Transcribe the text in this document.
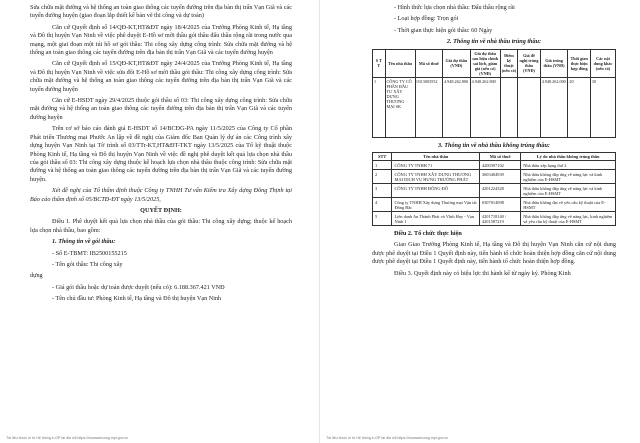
Sửa chữa mặt đường và hệ thống an toàn giao thông các tuyến đường trên địa bàn thị trấn Vạn Giã và các tuyến đường huyện (giao đoạn lắp thiết kế bản vẽ thi công và dự toán)

Căn cứ Quyết định số 14/QĐ-KT,HT&ĐT ngày 18/4/2025 của Trưởng Phòng Kinh tế, Hạ tầng và Đô thị huyện Vạn Ninh về việc phê duyệt E-Hồ sơ mời thầu gói thầu đấu thầu rộng rãi trong nước qua mạng, một giai đoạn một túi hồ sơ gói thầu: Thi công xây dựng công trình: Sửa chữa mặt đường và hệ thống an toàn giao thông các tuyến đường trên địa bàn thị trấn Vạn Giã và các tuyến đường huyện

Căn cứ Quyết định số 15/QĐ-KT,HT&ĐT ngày 24/4/2025 của Trưởng Phòng Kinh tế, Hạ tầng và Đô thị huyện Vạn Ninh về việc sửa đổi E-Hồ sơ mời thầu gói thầu: Thi công xây dựng công trình: Sửa chữa mặt đường và hệ thống an toàn giao thông các tuyến đường trên địa bàn thị trấn Vạn Giã và các tuyến đường huyện

Căn cứ E-HSDT ngày 29/4/2025 thuộc gói thầu số 03: Thi công xây dựng công trình: Sửa chữa mặt đường và hệ thống an toàn giao thông các tuyến đường trên địa bàn thị trấn Vạn Giã và các tuyến đường huyện

Trên cơ sở báo cáo đánh giá E-HSDT số 14/BCĐG-PA ngày 11/5/2025 của Công ty Cổ phần Phát triển Thương mại Phước An lập về đề nghị của Giám đốc Ban Quản lý dự án các Công trình xây dựng huyện Vạn Ninh tại Tờ trình số 03/TTr-KT,HT&ĐT-TKT ngày 13/5/2025 của Tổ kỹ thuật thuộc Phòng Kinh tế, Hạ tầng và Đô thị huyện Vạn Ninh về việc đề nghị phê duyệt kết quả lựa chọn nhà thầu của gói thầu số 03: Thi công xây dựng thuộc kế hoạch lựa chọn nhà thầu thuộc công trình: Sửa chữa mặt đường và hệ thống an toàn giao thông các tuyến đường trên địa bàn thị trấn Vạn Giã và các tuyến đường huyện.

Xét đề nghị của Tổ thẩm định thuộc Công ty TNHH Tư vấn Kiểm tra Xây dựng Đông Thịnh tại Báo cáo thẩm định số 05/BCTĐ-ĐT ngày 13/5/2025,

QUYẾT ĐỊNH:

Điều 1. Phê duyệt kết quả lựa chọn nhà thầu của gói thầu: Thi công xây dựng; thuộc kế hoạch lựa chọn nhà thầu, bao gồm:

1. Thông tin về gói thầu:

- Số E-TBMT: IB2500155215

- Tên gói thầu: Thi công xây

dựng

- Giá gói thầu hoặc dự toán được duyệt (nếu có): 6.188.367.421 VNĐ

- Tên chủ đầu tư: Phòng Kinh tế, Hạ tầng và Đô thị huyện Vạn Ninh

Tài liệu được in từ Hệ thống e-GP tại địa chỉ https://muasamcong.mpi.gov.vn

- Hình thức lựa chọn nhà thầu: Đấu thầu rộng rãi

- Loại hợp đồng: Trọn gói

- Thời gian thực hiện gói thầu: 60 Ngày

2. Thông tin về nhà thầu trúng thầu:

S T T	Tên nhà thầu	Mã số thuế	Giá dự thầu (VNĐ)	Giá dự thầu sau hiệu chỉnh sai lệch, giảm giá (nếu có) (VNĐ)	Điểm kỹ thuật (nếu có)	Giá đề nghị trúng thầu (VNĐ)	Giá trúng thầu (VNĐ)	Thời gian thực hiện hợp đồng	Các nội dung khác (nếu có)
1	CÔNG TY CỔ PHẦN ĐẦU TƯ XÂY DỰNG THƯƠNG MẠI SK	0313003552	4.948.262.800	4.948.262.800			4.948.262.000	20	30

3. Thông tin về nhà thầu không trúng thầu:

STT	Tên nhà thầu	Mã số thuế	Lý do nhà thầu không trúng thầu
1	CÔNG TY TNHH 71	4200397102	Nhà thầu xếp hạng thứ 2
2	CÔNG TY TNHH XÂY DỰNG THƯƠNG MẠI DỊCH VỤ HƯNG TRƯỜNG PHÁT	3603404939	Nhà thầu không đáp ứng về năng lực và kinh nghiệm của E-HSMT
3	CÔNG TY TNHH ĐÔNG ĐÔ	4201224328	Nhà thầu không đáp ứng về năng lực và kinh nghiệm của E-HSMT
4	Công ty TNHH Xây dựng Thương mại Vận tải Đông Bắc	0307014098	Nhà thầu không đạt về yêu cầu kỹ thuật của E-HSMT
5	Liên danh An Thành Phát và Vĩnh Huy - Vạn Ninh 1	4201718140 / 4201587219	Nhà thầu không đáp ứng về năng lực, kinh nghiệm và yêu cầu kỹ thuật của E-HSMT

Điều 2. Tổ chức thực hiện

Giao Giao Trưởng Phòng Kinh tế, Hạ tầng và Đô thị huyện Vạn Ninh căn cứ nội dung được phê duyệt tại Điều 1 Quyết định này, tiến hành tổ chức hoàn thiện hợp đồng căn cứ nội dung được phê duyệt tại Điều 1 Quyết định này, tiến hành tổ chức hoàn thiện hợp đồng.

Điều 3. Quyết định này có hiệu lực thi hành kể từ ngày ký. Phòng Kinh

Tài liệu được in từ Hệ thống e-GP tại địa chỉ https://muasamcong.mpi.gov.vn
